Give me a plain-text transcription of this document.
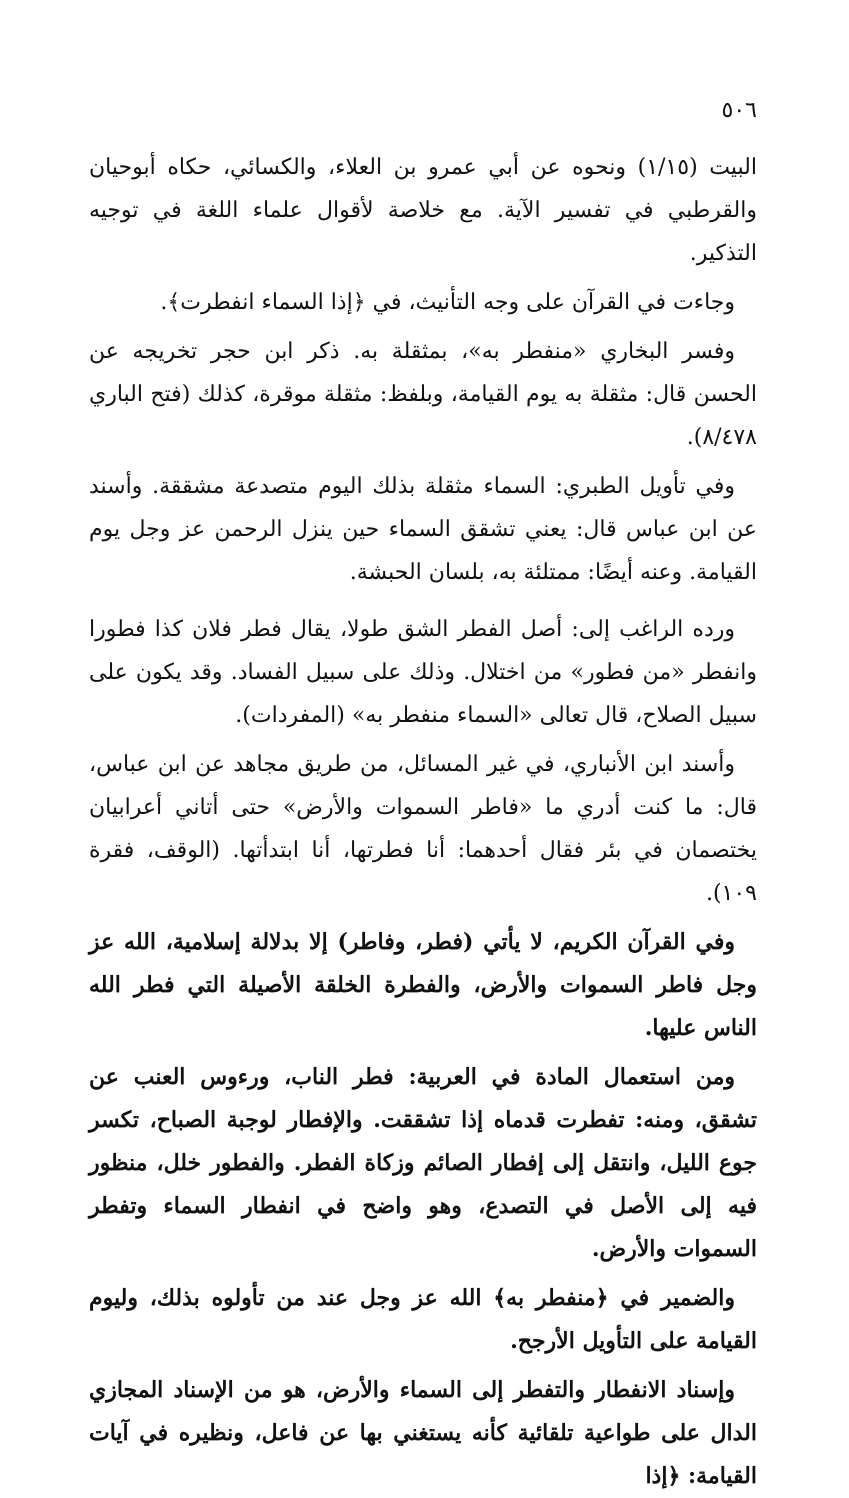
٥٠٦

البيت (١/١٥) ونحوه عن أبي عمرو بن العلاء، والكسائي، حكاه أبوحيان والقرطبي في تفسير الآية. مع خلاصة لأقوال علماء اللغة في توجيه التذكير.

وجاءت في القرآن على وجه التأنيث، في ﴿إذا السماء انفطرت﴾.

وفسر البخاري «منفطر به»، بمثقلة به. ذكر ابن حجر تخريجه عن الحسن قال: مثقلة به يوم القيامة، وبلفظ: مثقلة موقرة، كذلك (فتح الباري ٨/٤٧٨).

وفي تأويل الطبري: السماء مثقلة بذلك اليوم متصدعة مشققة. وأسند عن ابن عباس قال: يعني تشقق السماء حين ينزل الرحمن عز وجل يوم القيامة. وعنه أيضًا: ممتلئة به، بلسان الحبشة.

ورده الراغب إلى: أصل الفطر الشق طولا، يقال فطر فلان كذا فطورا وانفطر «من فطور» من اختلال. وذلك على سبيل الفساد. وقد يكون على سبيل الصلاح، قال تعالى «السماء منفطر به» (المفردات).

وأسند ابن الأنباري، في غير المسائل، من طريق مجاهد عن ابن عباس، قال: ما كنت أدري ما «فاطر السموات والأرض» حتى أتاني أعرابيان يختصمان في بئر فقال أحدهما: أنا فطرتها، أنا ابتدأتها. (الوقف، فقرة ١٠٩).

وفي القرآن الكريم، لا يأتي (فطر، وفاطر) إلا بدلالة إسلامية، الله عز وجل فاطر السموات والأرض، والفطرة الخلقة الأصيلة التي فطر الله الناس عليها.

ومن استعمال المادة في العربية: فطر الناب، ورءوس العنب عن تشقق، ومنه: تفطرت قدماه إذا تشققت. والإفطار لوجبة الصباح، تكسر جوع الليل، وانتقل إلى إفطار الصائم وزكاة الفطر. والفطور خلل، منظور فيه إلى الأصل في التصدع، وهو واضح في انفطار السماء وتفطر السموات والأرض.

والضمير في ﴿منفطر به﴾ الله عز وجل عند من تأولوه بذلك، وليوم القيامة على التأويل الأرجح.

وإسناد الانفطار والتفطر إلى السماء والأرض، هو من الإسناد المجازي الدال على طواعية تلقائية كأنه يستغني بها عن فاعل، ونظيره في آيات القيامة: ﴿إذا
